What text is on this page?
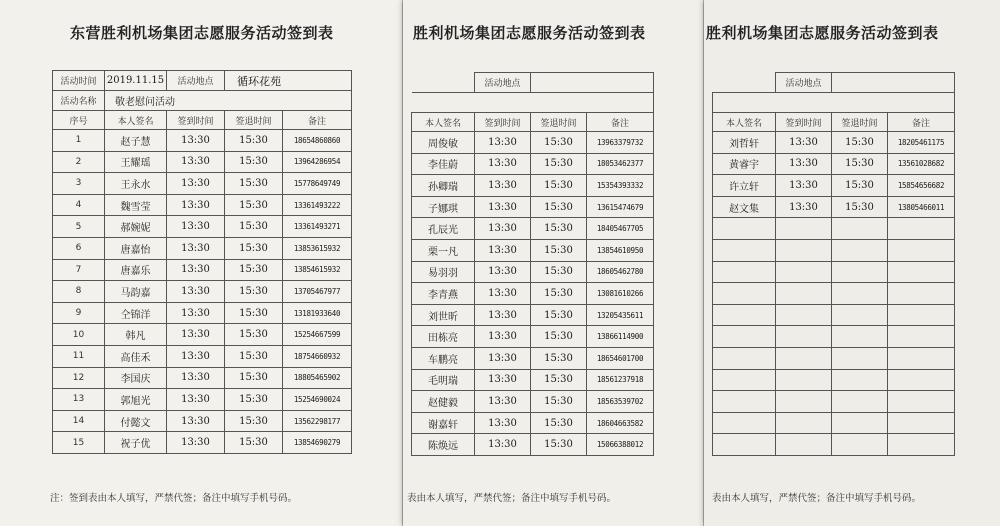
东营胜利机场集团志愿服务活动签到表
活动时间	2019.11.15	活动地点	循环花苑	
活动名称	敬老慰问活动			
序号	本人签名	签到时间	签退时间	备注
1	赵子慧	13:30	15:30	18654860860
2	王耀瑶	13:30	15:30	13964286954
3	王永水	13:30	15:30	15778649749
4	魏雪莹	13:30	15:30	13361493222
5	郝婉妮	13:30	15:30	13361493271
6	唐嘉怡	13:30	15:30	13853615932
7	唐嘉乐	13:30	15:30	13854615932
8	马韵嘉	13:30	15:30	13705467977
9	仝锦洋	13:30	15:30	13181933640
10	韩凡	13:30	15:30	15254667599
11	高佳禾	13:30	15:30	18754660932
12	李国庆	13:30	15:30	18805465902
13	郭旭光	13:30	15:30	15254690024
14	付懿文	13:30	15:30	13562298177
15	祝子优	13:30	15:30	13854690279
注：签到表由本人填写，严禁代签；备注中填写手机号码。
胜利机场集团志愿服务活动签到表
	活动地点		

本人签名	签到时间	签退时间	备注
周俊敏	13:30	15:30	13963379732
李佳蔚	13:30	15:30	18053462377
孙卿瑞	13:30	15:30	15354393332
子娜琪	13:30	15:30	13615474679
孔辰光	13:30	15:30	18405467705
栗一凡	13:30	15:30	13854610950
易羽羽	13:30	15:30	18605462780
李青燕	13:30	15:30	13081610266
刘世昕	13:30	15:30	13205435611
田栋亮	13:30	15:30	13866114900
车鹏亮	13:30	15:30	18654601700
毛明瑞	13:30	15:30	18561237918
赵健毅	13:30	15:30	18563539702
谢嘉轩	13:30	15:30	18604663582
陈焕远	13:30	15:30	15066388012
表由本人填写，严禁代签；备注中填写手机号码。
胜利机场集团志愿服务活动签到表
	活动地点		

本人签名	签到时间	签退时间	备注
刘哲轩	13:30	15:30	18205461175
黄睿宇	13:30	15:30	13561028682
许立轩	13:30	15:30	15854656682
赵文集	13:30	15:30	13805466011

表由本人填写，严禁代签；备注中填写手机号码。
